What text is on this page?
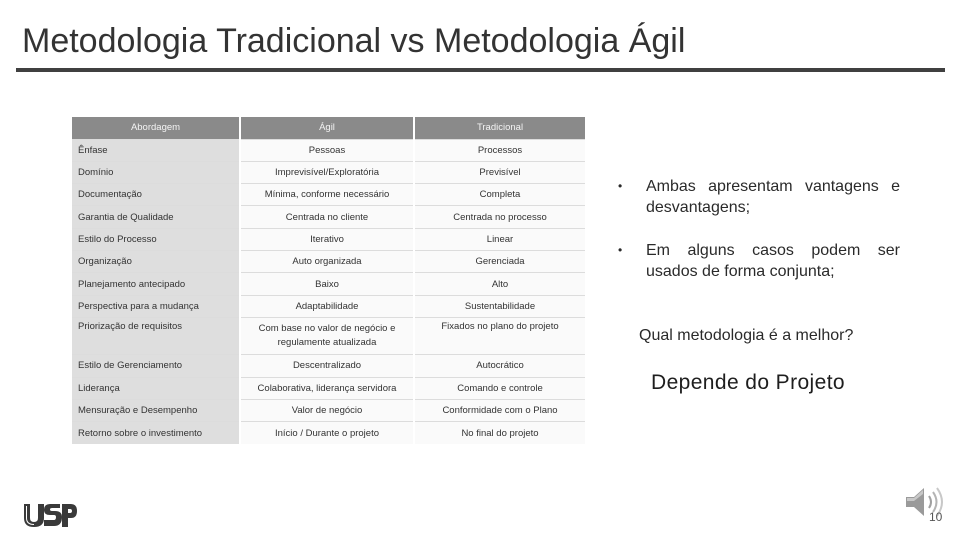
Metodologia Tradicional vs Metodologia Ágil
Abordagem	Ágil	Tradicional
Ênfase	Pessoas	Processos
Domínio	Imprevisível/Exploratória	Previsível
Documentação	Mínima, conforme necessário	Completa
Garantia de Qualidade	Centrada no cliente	Centrada no processo
Estilo do Processo	Iterativo	Linear
Organização	Auto organizada	Gerenciada
Planejamento antecipado	Baixo	Alto
Perspectiva para a mudança	Adaptabilidade	Sustentabilidade
Priorização de requisitos	Com base no valor de negócio e regulamente atualizada	Fixados no plano do projeto
Estilo de Gerenciamento	Descentralizado	Autocrático
Liderança	Colaborativa, liderança servidora	Comando e controle
Mensuração e Desempenho	Valor de negócio	Conformidade com o Plano
Retorno sobre o investimento	Início / Durante o projeto	No final do projeto
•	Ambas apresentam vantagens e desvantagens;
•	Em alguns casos podem ser usados de forma conjunta;
Qual metodologia é a melhor?
Depende do Projeto
10
